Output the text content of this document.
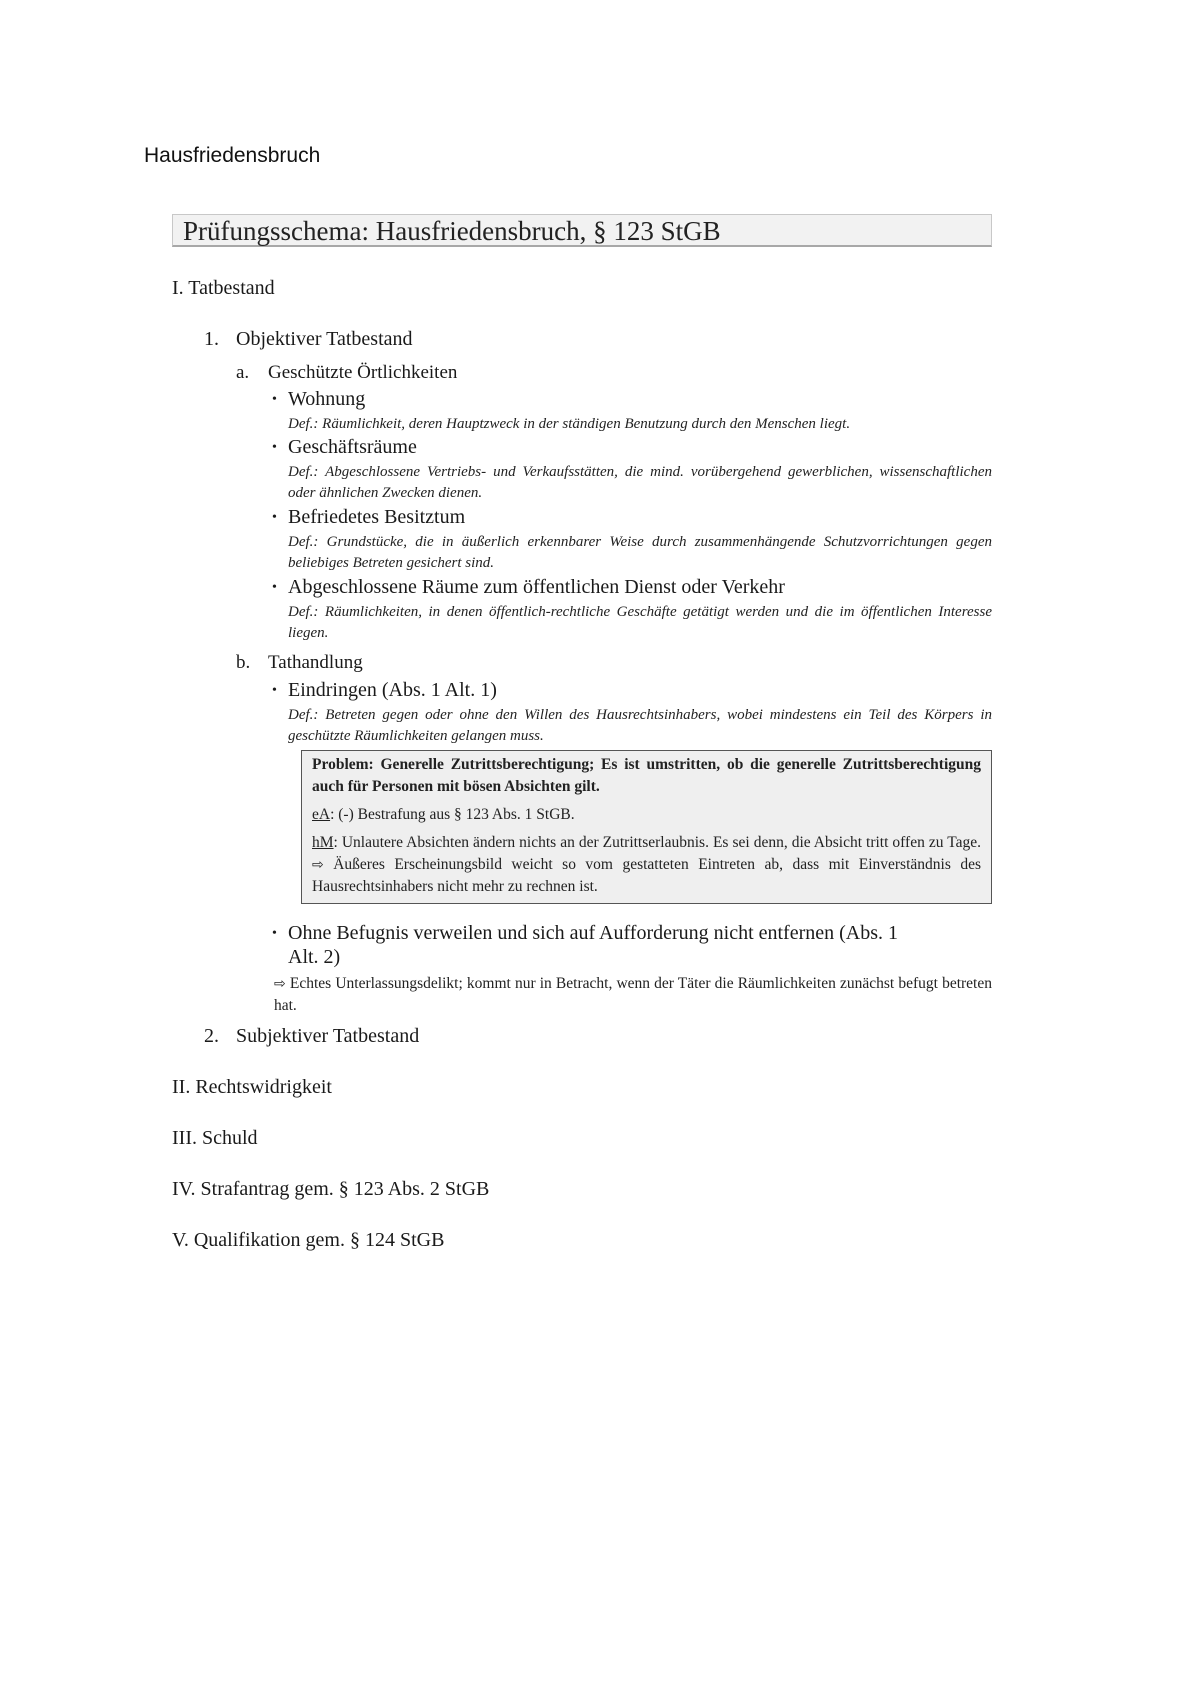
Hausfriedensbruch
Prüfungsschema: Hausfriedensbruch, § 123 StGB
I. Tatbestand
1. Objektiver Tatbestand
a. Geschützte Örtlichkeiten
• Wohnung
Def.: Räumlichkeit, deren Hauptzweck in der ständigen Benutzung durch den Menschen liegt.
• Geschäftsräume
Def.: Abgeschlossene Vertriebs- und Verkaufsstätten, die mind. vorübergehend gewerblichen, wissenschaftlichen oder ähnlichen Zwecken dienen.
• Befriedetes Besitztum
Def.: Grundstücke, die in äußerlich erkennbarer Weise durch zusammenhängende Schutzvorrichtungen gegen beliebiges Betreten gesichert sind.
• Abgeschlossene Räume zum öffentlichen Dienst oder Verkehr
Def.: Räumlichkeiten, in denen öffentlich-rechtliche Geschäfte getätigt werden und die im öffentlichen Interesse liegen.
b. Tathandlung
• Eindringen (Abs. 1 Alt. 1)
Def.: Betreten gegen oder ohne den Willen des Hausrechtsinhabers, wobei mindestens ein Teil des Körpers in geschützte Räumlichkeiten gelangen muss.
Problem: Generelle Zutrittsberechtigung; Es ist umstritten, ob die generelle Zutrittsberechtigung auch für Personen mit bösen Absichten gilt.
eA: (-) Bestrafung aus § 123 Abs. 1 StGB.
hM: Unlautere Absichten ändern nichts an der Zutrittserlaubnis. Es sei denn, die Absicht tritt offen zu Tage. ⇨ Äußeres Erscheinungsbild weicht so vom gestatteten Eintreten ab, dass mit Einverständnis des Hausrechtsinhabers nicht mehr zu rechnen ist.
• Ohne Befugnis verweilen und sich auf Aufforderung nicht entfernen (Abs. 1
Alt. 2)
⇨ Echtes Unterlassungsdelikt; kommt nur in Betracht, wenn der Täter die Räumlichkeiten zunächst befugt betreten hat.
2. Subjektiver Tatbestand
II. Rechtswidrigkeit
III. Schuld
IV. Strafantrag gem. § 123 Abs. 2 StGB
V. Qualifikation gem. § 124 StGB
